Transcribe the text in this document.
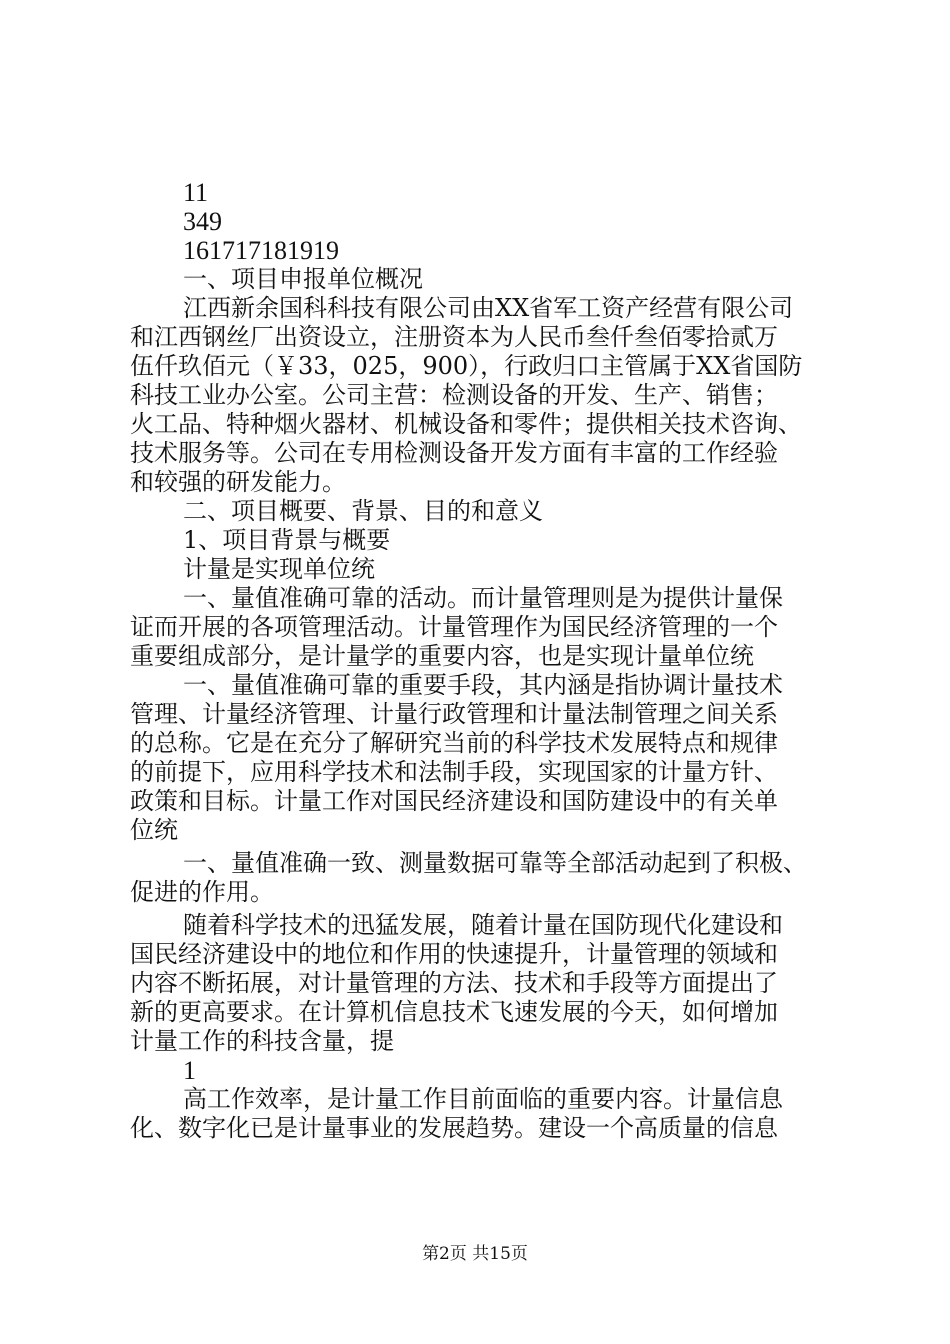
11
349
161717181919
一、项目申报单位概况
江西新余国科科技有限公司由XX省军工资产经营有限公司
和江西钢丝厂出资设立，注册资本为人民币叁仟叁佰零拾贰万
伍仟玖佰元（￥33，025，900），行政归口主管属于XX省国防
科技工业办公室。公司主营：检测设备的开发、生产、销售；
火工品、特种烟火器材、机械设备和零件；提供相关技术咨询、
技术服务等。公司在专用检测设备开发方面有丰富的工作经验
和较强的研发能力。
二、项目概要、背景、目的和意义
1、项目背景与概要
计量是实现单位统
一、量值准确可靠的活动。而计量管理则是为提供计量保
证而开展的各项管理活动。计量管理作为国民经济管理的一个
重要组成部分，是计量学的重要内容，也是实现计量单位统
一、量值准确可靠的重要手段，其内涵是指协调计量技术
管理、计量经济管理、计量行政管理和计量法制管理之间关系
的总称。它是在充分了解研究当前的科学技术发展特点和规律
的前提下，应用科学技术和法制手段，实现国家的计量方针、
政策和目标。计量工作对国民经济建设和国防建设中的有关单
位统
一、量值准确一致、测量数据可靠等全部活动起到了积极、
促进的作用。
随着科学技术的迅猛发展，随着计量在国防现代化建设和
国民经济建设中的地位和作用的快速提升，计量管理的领域和
内容不断拓展，对计量管理的方法、技术和手段等方面提出了
新的更高要求。在计算机信息技术飞速发展的今天，如何增加
计量工作的科技含量，提
1
高工作效率，是计量工作目前面临的重要内容。计量信息
化、数字化已是计量事业的发展趋势。建设一个高质量的信息
第2页 共15页
